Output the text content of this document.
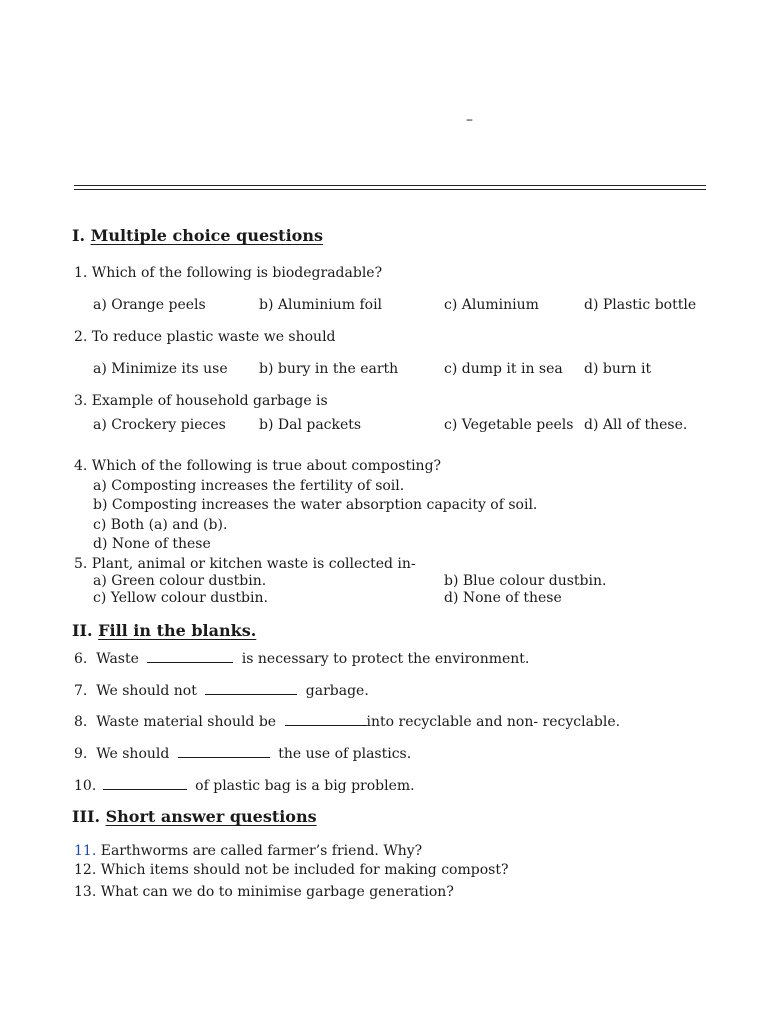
–
I. Multiple choice questions
1. Which of the following is biodegradable?
a) Orange peels	b) Aluminium foil	c) Aluminium	d) Plastic bottle
2. To reduce plastic waste we should
a) Minimize its use b) bury in the earth	c) dump it in sea d) burn it
3. Example of household garbage is
a) Crockery pieces b) Dal packets	c) Vegetable peels d) All of these.
4. Which of the following is true about composting?
a) Composting increases the fertility of soil.
b) Composting increases the water absorption capacity of soil.
c) Both (a) and (b).
d) None of these
5. Plant, animal or kitchen waste is collected in-
a) Green colour dustbin.	b) Blue colour dustbin.
c) Yellow colour dustbin.	d) None of these
II. Fill in the blanks.
6. Waste	is necessary to protect the environment.
7. We should not	garbage.
8. Waste material should be	into recyclable and non- recyclable.
9. We should	the use of plastics.
10.	of plastic bag is a big problem.
III. Short answer questions
11. Earthworms are called farmer’s friend. Why?
12. Which items should not be included for making compost?
13. What can we do to minimise garbage generation?
